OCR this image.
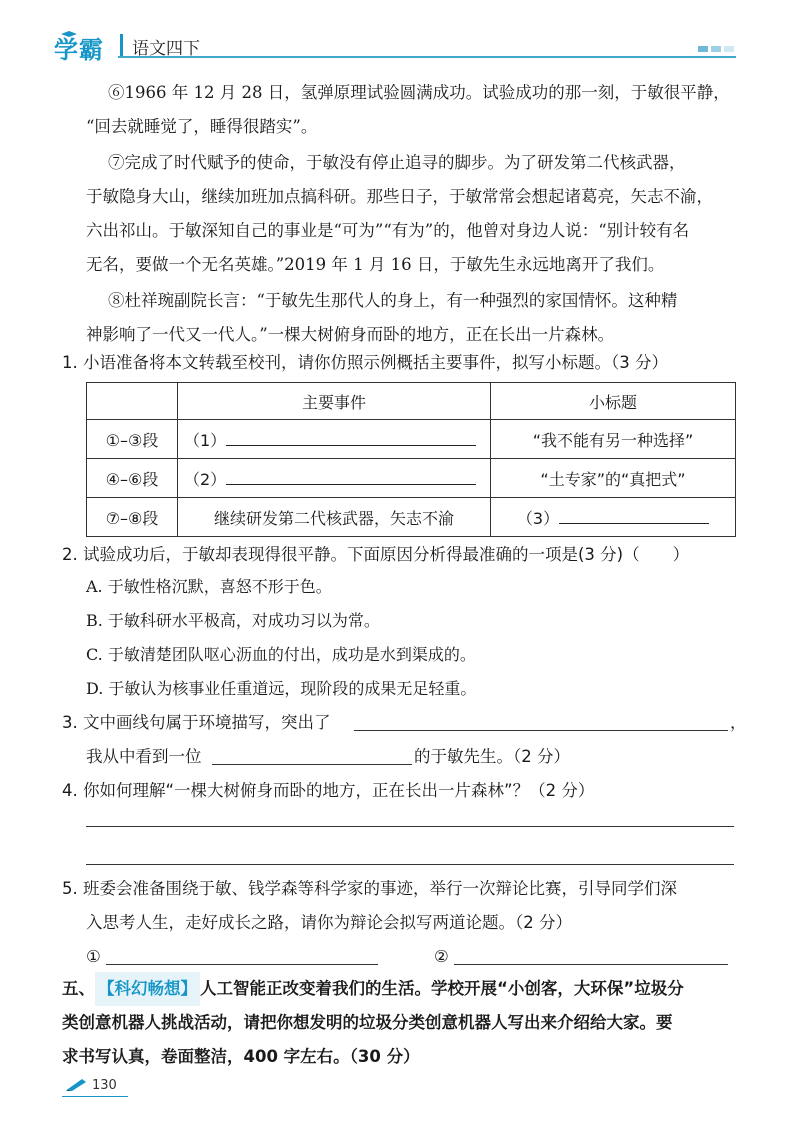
学霸 语文四下
⑥1966 年 12 月 28 日，氢弹原理试验圆满成功。试验成功的那一刻，于敏很平静，
“回去就睡觉了，睡得很踏实”。
⑦完成了时代赋予的使命，于敏没有停止追寻的脚步。为了研发第二代核武器，
于敏隐身大山，继续加班加点搞科研。那些日子，于敏常常会想起诸葛亮，矢志不渝，
六出祁山。于敏深知自己的事业是“可为”“有为”的，他曾对身边人说：“别计较有名
无名，要做一个无名英雄。”2019 年 1 月 16 日，于敏先生永远地离开了我们。
⑧杜祥琬副院长言：“于敏先生那代人的身上，有一种强烈的家国情怀。这种精
神影响了一代又一代人。”一棵大树俯身而卧的地方，正在长出一片森林。
1. 小语准备将本文转载至校刊，请你仿照示例概括主要事件，拟写小标题。（3 分）
	主要事件	小标题
①–③段	（1）	“我不能有另一种选择”
④–⑥段	（2）	“土专家”的“真把式”
⑦–⑧段	继续研发第二代核武器，矢志不渝	（3）
2. 试验成功后，于敏却表现得很平静。下面原因分析得最准确的一项是(3 分)（　　）
A. 于敏性格沉默，喜怒不形于色。
B. 于敏科研水平极高，对成功习以为常。
C. 于敏清楚团队呕心沥血的付出，成功是水到渠成的。
D. 于敏认为核事业任重道远，现阶段的成果无足轻重。
3. 文中画线句属于环境描写，突出了	，
我从中看到一位	的于敏先生。（2 分）
4. 你如何理解“一棵大树俯身而卧的地方，正在长出一片森林”？（2 分）
5. 班委会准备围绕于敏、钱学森等科学家的事迹，举行一次辩论比赛，引导同学们深
入思考人生，走好成长之路，请你为辩论会拟写两道论题。（2 分）
①	②
五、 【科幻畅想】 人工智能正改变着我们的生活。学校开展“小创客，大环保”垃圾分
类创意机器人挑战活动，请把你想发明的垃圾分类创意机器人写出来介绍给大家。要
求书写认真，卷面整洁，400 字左右。（30 分）
130
